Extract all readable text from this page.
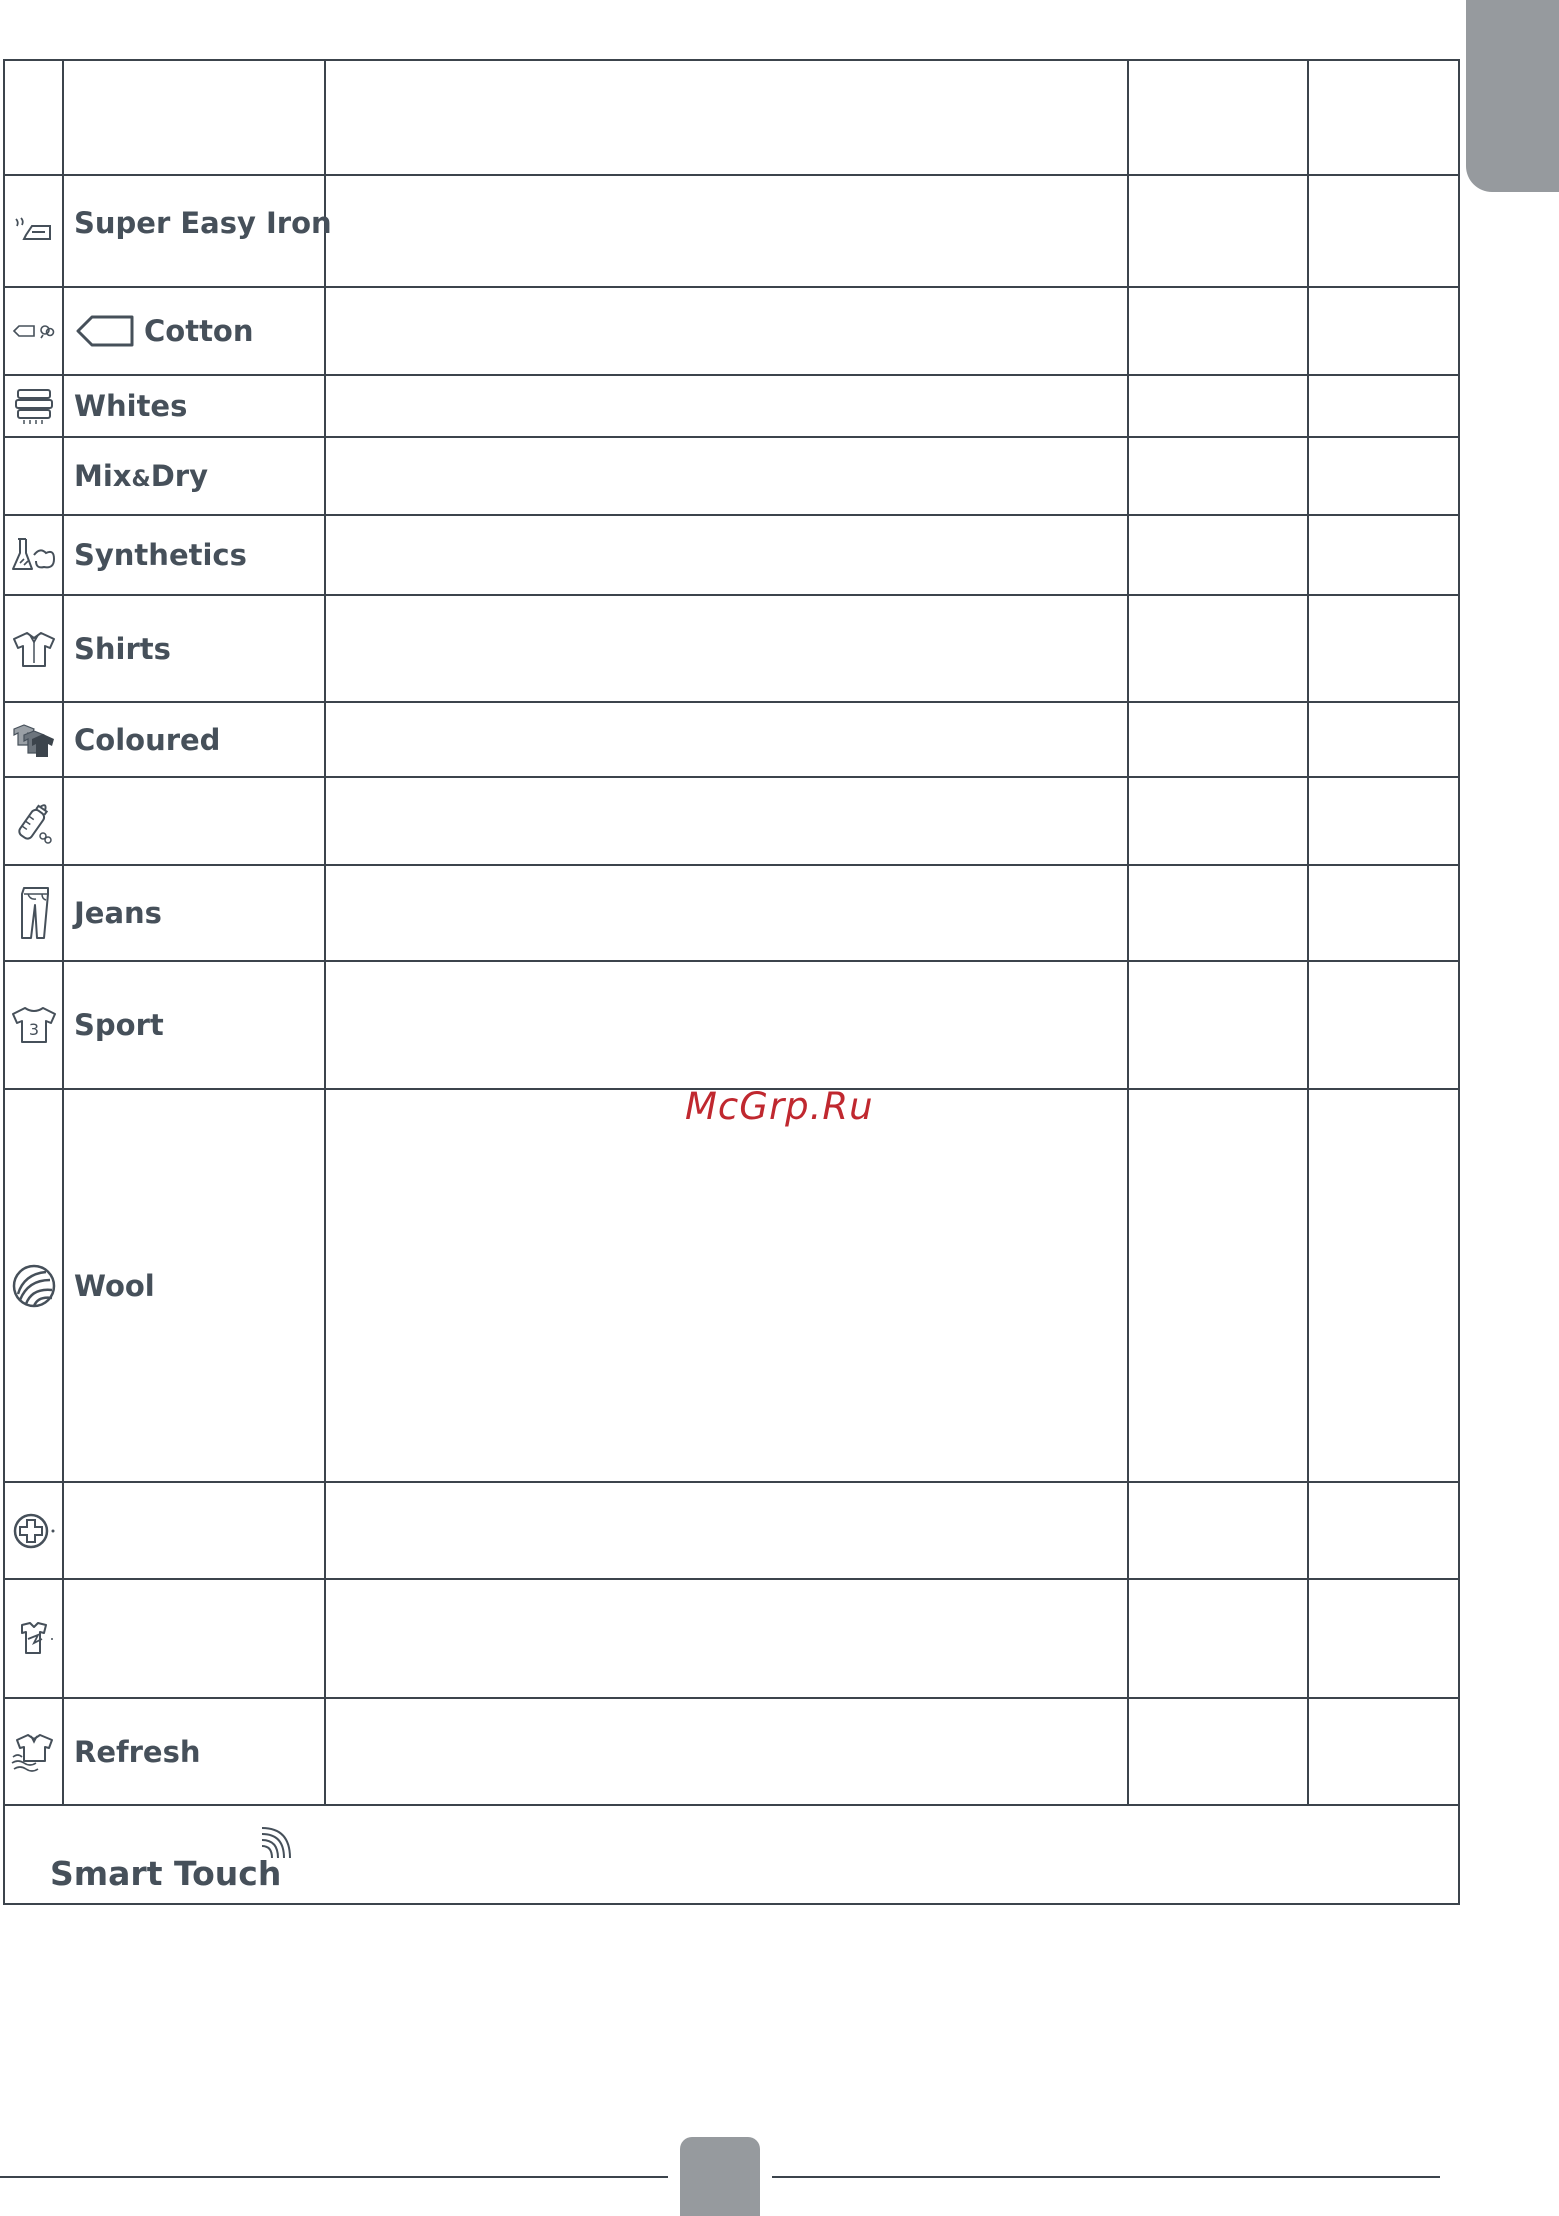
	Super Easy Iron			

Cotton			

	Whites			
	Mix&Dry			

	Synthetics			

	Shirts			

	Coloured			

	Jeans			

3	Sport			

	Wool			

	Refresh			

Smart Touch				
McGrp.Ru
